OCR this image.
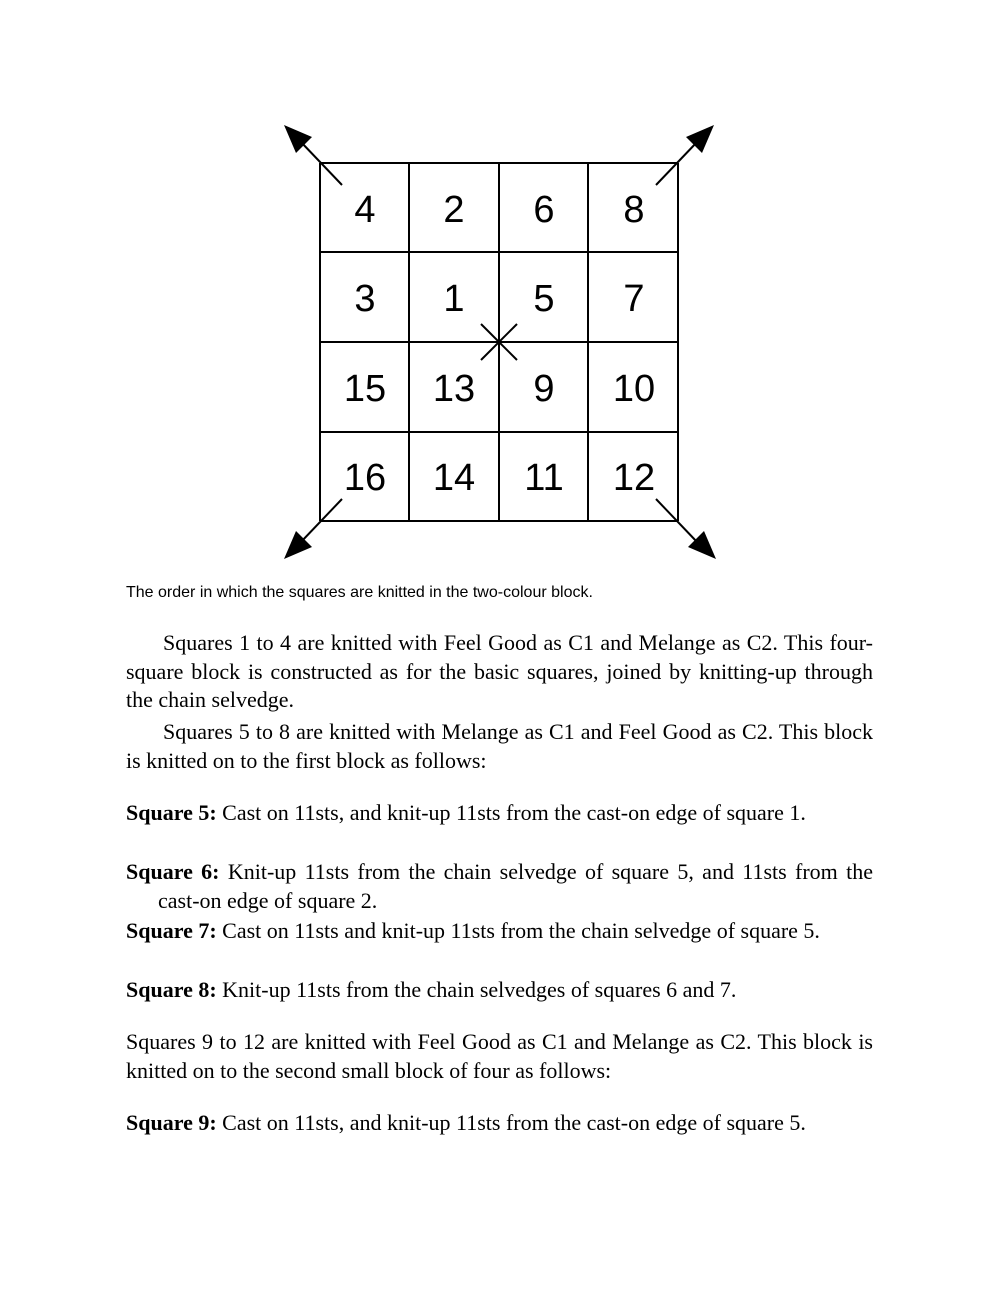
4 2 6 8
3 1 5 7
15 13 9 10
16 14 11 12
The order in which the squares are knitted in the two-colour block.

Squares 1 to 4 are knitted with Feel Good as C1 and Melange as C2. This four-square block is constructed as for the basic squares, joined by knitting-up through the chain selvedge.

Squares 5 to 8 are knitted with Melange as C1 and Feel Good as C2. This block is knitted on to the first block as follows:

Square 5: Cast on 11sts, and knit-up 11sts from the cast-on edge of square 1.

Square 6: Knit-up 11sts from the chain selvedge of square 5, and 11sts from the cast-on edge of square 2.

Square 7: Cast on 11sts and knit-up 11sts from the chain selvedge of square 5.

Square 8: Knit-up 11sts from the chain selvedges of squares 6 and 7.

Squares 9 to 12 are knitted with Feel Good as C1 and Melange as C2. This block is knitted on to the second small block of four as follows:

Square 9: Cast on 11sts, and knit-up 11sts from the cast-on edge of square 5.
